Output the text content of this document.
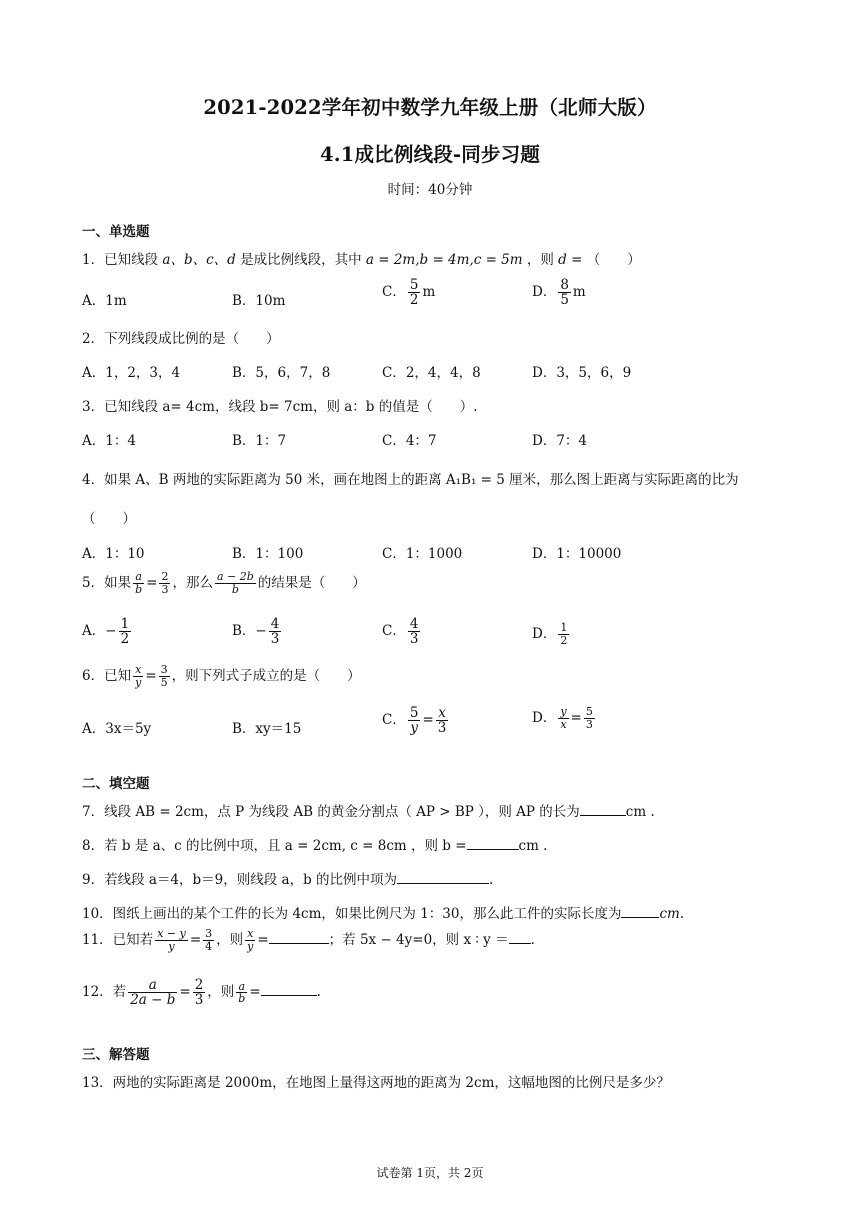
2021-2022学年初中数学九年级上册（北师大版）
4.1成比例线段-同步习题
时间：40分钟
一、单选题
1．已知线段 a、b、c、d 是成比例线段，其中 a = 2m,b = 4m,c = 5m ，则 d = （　　）
A．1m	B．10m
C． $\frac{5}{2}$ m	D． $\frac{8}{5}$ m
2．下列线段成比例的是（　　）
A．1，2，3，4	B．5，6，7，8	C．2，4，4，8	D．3，5，6，9
3．已知线段 a= 4cm，线段 b= 7cm，则 a：b 的值是（　　）.
A．1：4	B．1：7	C．4：7	D．7：4
4．如果 A、B 两地的实际距离为 50 米，画在地图上的距离 A₁B₁ = 5 厘米，那么图上距离与实际距离的比为
（　　）
A．1：10	B．1：100	C．1：1000	D．1：10000
5．如果 $\frac{a}{b} = \frac{2}{3}$ ，那么 $\frac{a - 2b}{b}$ 的结果是（　　）
A．− $\frac{1}{2}$	B．− $\frac{4}{3}$	C． $\frac{4}{3}$	D． $\frac{1}{2}$
6．已知 $\frac{x}{y} = \frac{3}{5}$ ，则下列式子成立的是（　　）
A．3x＝5y	B．xy＝15
C． $\frac{5}{y} = \frac{x}{3}$	D． $\frac{y}{x} = \frac{5}{3}$
二、填空题
7．线段 AB = 2cm，点 P 为线段 AB 的黄金分割点（ AP > BP ），则 AP 的长为	cm .
8．若 b 是 a、c 的比例中项，且 a = 2cm, c = 8cm ，则 b =	cm .
9．若线段 a＝4，b＝9，则线段 a，b 的比例中项为	.
10．图纸上画出的某个工件的长为 4cm，如果比例尺为 1：30，那么此工件的实际长度为	cm.
11．已知若 $\frac{x - y}{y} = \frac{3}{4}$ ，则 $\frac{x}{y}$ =	；若 5x − 4y=0，则 x ∶ y ＝ .
12．若 $\frac{a}{2a - b} = \frac{2}{3}$ ，则 $\frac{a}{b}$ =	.
三、解答题
13．两地的实际距离是 2000m，在地图上量得这两地的距离为 2cm，这幅地图的比例尺是多少？
试卷第 1页，共 2页
